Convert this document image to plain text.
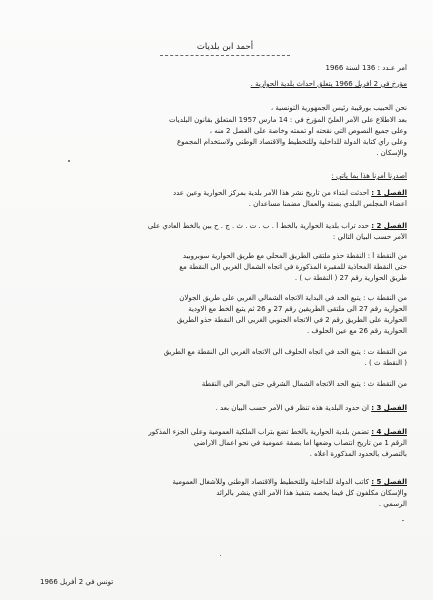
أحمد ابن بلديات
أمر عـدد : 136 لسنة 1966
مؤرخ في 2 أفريل 1966 يتعلق احداث بلدية الحوارية .
نحن الحبيب بورقيبة رئيس الجمهورية التونسية ،
بعد الاطلاع على الأمر العليّ المؤرخ في : 14 مارس 1957 المتعلق بقانون البلديات
وعلى جميع النصوص التي نقحته أو تممته وخاصة على الفصل 2 منه ،
وعلى رأي كتابة الدولة للداخلية وللتخطيط والاقتصاد الوطني ولاستخدام المجموع
والإسكان .
أصدرنا أمرنا هذا بما يأتي :
الفصل 1 : أحدثت ابتداء من تاريخ نشر هذا الأمر بلدية بمركز الحوارية وعين عدد
أعضاء المجلس البلدي بستة والعمال مضمنا مساعدان .
الفصل 2 : حدد تراب بلدية الحوارية بالخط أ . ب . ت . ث . ج . ح بين بالخط العادي على
الأمر حسب البيان التالي :
من النقطة أ : النقطة حذو ملتقى الطريق المحلي مع طريق الحوارية سوبروبيد
حتى النقطة المحاذية للمقبرة المذكورة في اتجاه الشمال الغربي الى النقطة مع
طريق الحوارية رقم 27 ( النقطة ب ) .
من النقطة ب : يتبع الحد في البداية الاتجاه الشمالي الغربي على طريق الجولان
الحوارية رقم 27 الى ملتقى الطريقين رقم 27 و 26 ثم يتبع الخط مع الاودية
الحوارية على الطريق رقم 2 في الاتجاه الجنوبي الغربي الى النقطة حذو الطريق
الحوارية رقم 26 مع عين الحلوف .
من النقطة ت : يتبع الحد في اتجاه الحلوف الى الاتجاه الغربي الى النقطة مع الطريق
( النقطة ث ) .
من النقطة ث : يتبع الحد الاتجاه الشمال الشرقي حتى البحر الى النقطة
الفصل 3 : ان حدود البلدية هذه تنظر في الأمر حسب البيان بعد .
الفصل 4 : تضمن بلدية الحوارية بالخط تضع بتراب الملكية العمومية وعلى الجزء المذكور
الرقم 1 من تاريخ انتصاب وضعها اما بصفة عمومية في نحو اعمال الاراضي
بالتصرف بالحدود المذكورة أعلاه .
الفصل 5 : كاتب الدولة للداخلية وللتخطيط والاقتصاد الوطني وللأشغال العمومية
والإسكان مكلفون كل فيما يخصه بتنفيذ هذا الأمر الذي ينشر بالرائد
الرسمي .
تونس في 2 أفريل 1966
